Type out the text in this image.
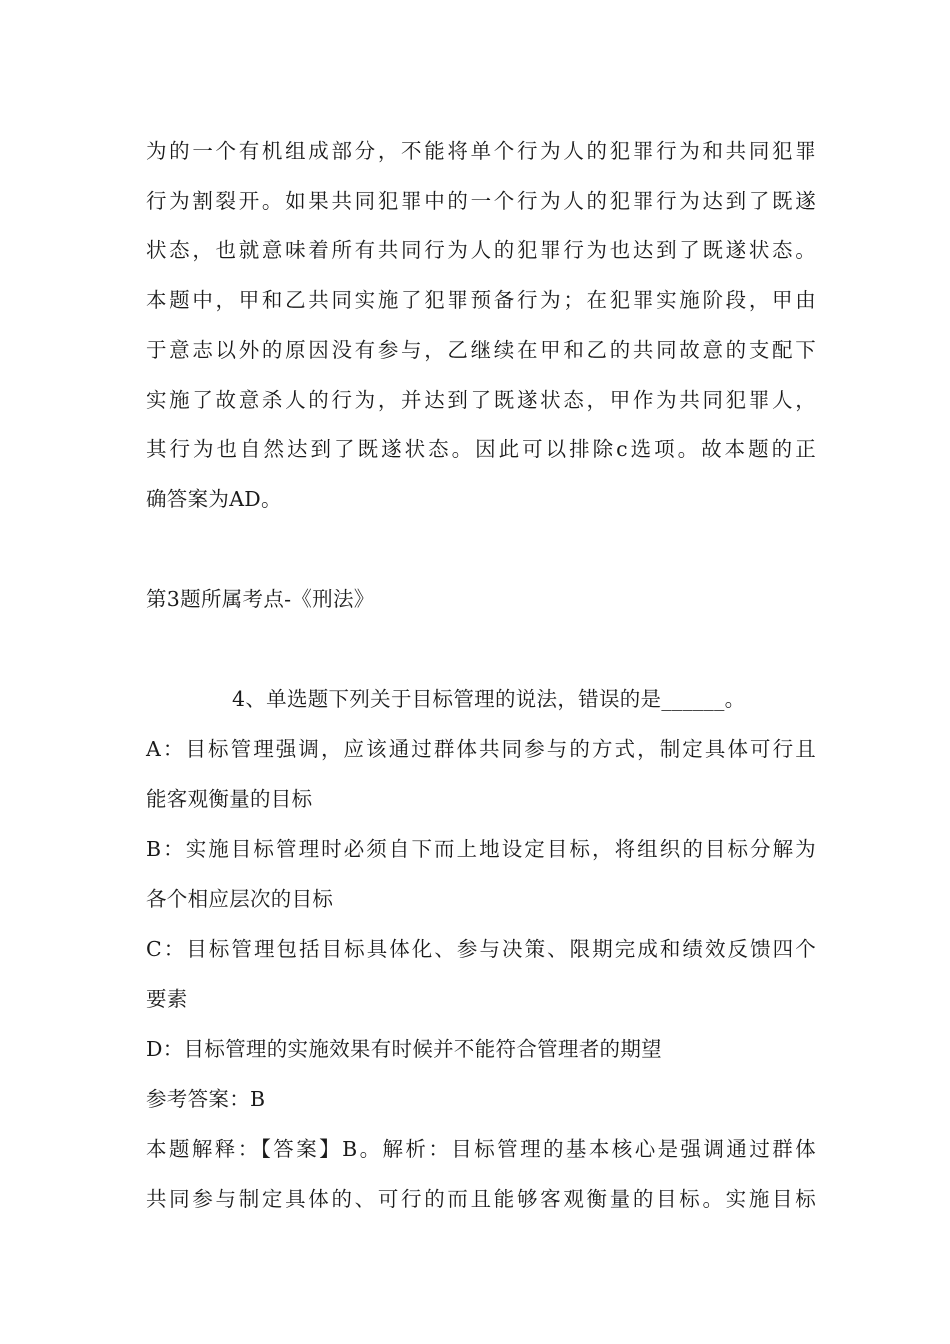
为的一个有机组成部分，不能将单个行为人的犯罪行为和共同犯罪
行为割裂开。如果共同犯罪中的一个行为人的犯罪行为达到了既遂
状态，也就意味着所有共同行为人的犯罪行为也达到了既遂状态。
本题中，甲和乙共同实施了犯罪预备行为；在犯罪实施阶段，甲由
于意志以外的原因没有参与，乙继续在甲和乙的共同故意的支配下
实施了故意杀人的行为，并达到了既遂状态，甲作为共同犯罪人，
其行为也自然达到了既遂状态。因此可以排除c选项。故本题的正
确答案为AD。
第3题所属考点-《刑法》
4、单选题下列关于目标管理的说法，错误的是______。
A：目标管理强调，应该通过群体共同参与的方式，制定具体可行且
能客观衡量的目标
B：实施目标管理时必须自下而上地设定目标，将组织的目标分解为
各个相应层次的目标
C：目标管理包括目标具体化、参与决策、限期完成和绩效反馈四个
要素
D：目标管理的实施效果有时候并不能符合管理者的期望
参考答案：B
本题解释：【答案】B。解析：目标管理的基本核心是强调通过群体
共同参与制定具体的、可行的而且能够客观衡量的目标。实施目标
